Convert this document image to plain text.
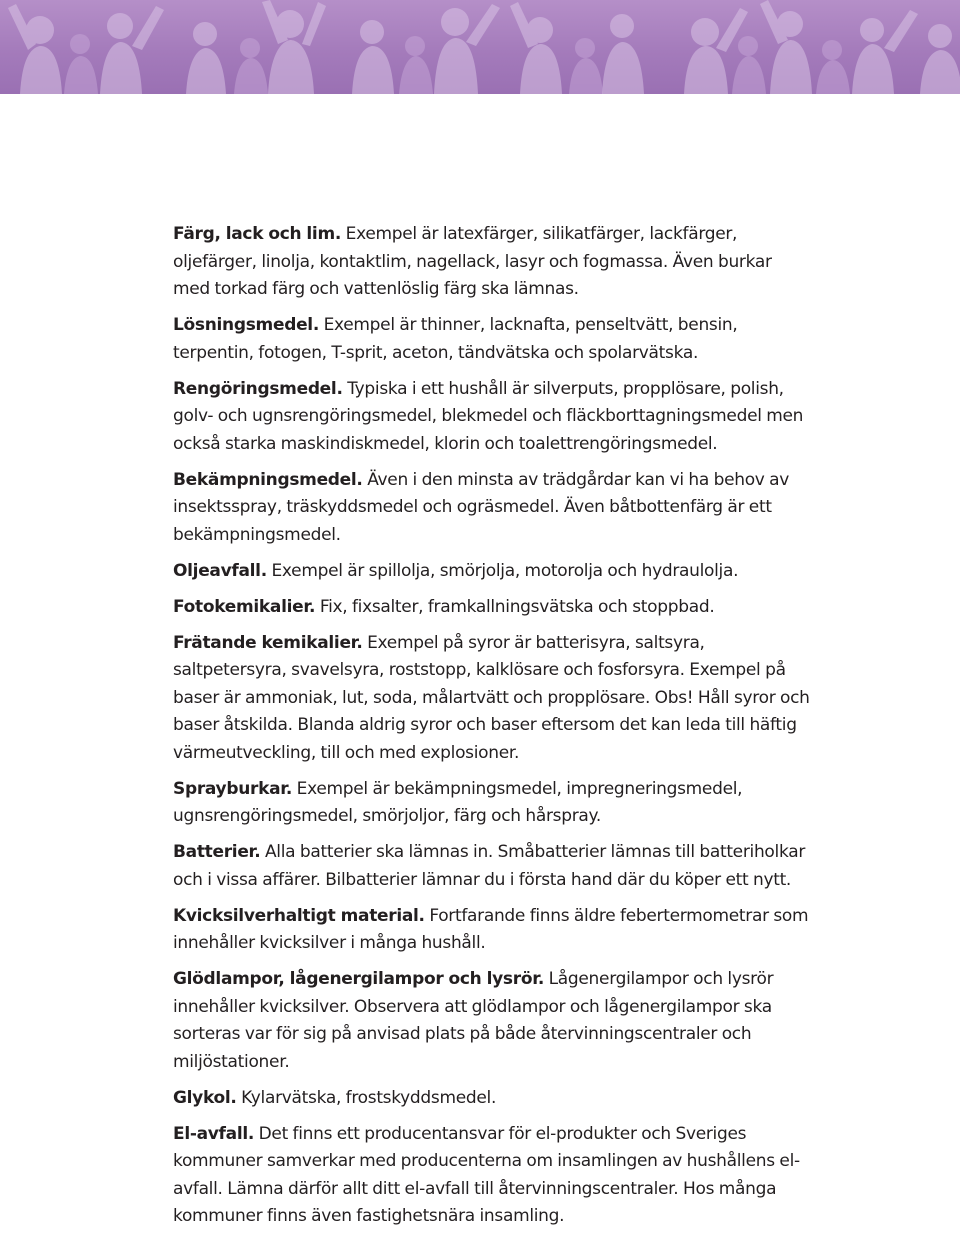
Färg, lack och lim. Exempel är latexfärger, silikatfärger, lackfärger, oljefärger, linolja, kontaktlim, nagellack, lasyr och fogmassa. Även burkar med torkad färg och vattenlöslig färg ska lämnas.

Lösningsmedel. Exempel är thinner, lacknafta, penseltvätt, bensin, terpentin, fotogen, T-sprit, aceton, tändvätska och spolarvätska.

Rengöringsmedel. Typiska i ett hushåll är silverputs, propplösare, polish, golv- och ugnsrengöringsmedel, blekmedel och fläckborttagningsmedel men också starka maskindiskmedel, klorin och toalettrengöringsmedel.

Bekämpningsmedel. Även i den minsta av trädgårdar kan vi ha behov av insektsspray, träskyddsmedel och ogräsmedel. Även båtbottenfärg är ett bekämpningsmedel.

Oljeavfall. Exempel är spillolja, smörjolja, motorolja och hydraulolja.

Fotokemikalier. Fix, fixsalter, framkallningsvätska och stoppbad.

Frätande kemikalier. Exempel på syror är batterisyra, saltsyra, saltpetersyra, svavelsyra, roststopp, kalklösare och fosforsyra. Exempel på baser är ammoniak, lut, soda, målartvätt och propplösare. Obs! Håll syror och baser åtskilda. Blanda aldrig syror och baser eftersom det kan leda till häftig värmeutveckling, till och med explosioner.

Sprayburkar. Exempel är bekämpningsmedel, impregneringsmedel, ugnsrengöringsmedel, smörjoljor, färg och hårspray.

Batterier. Alla batterier ska lämnas in. Småbatterier lämnas till batteriholkar och i vissa affärer. Bilbatterier lämnar du i första hand där du köper ett nytt.

Kvicksilverhaltigt material. Fortfarande finns äldre febertermometrar som innehåller kvicksilver i många hushåll.

Glödlampor, lågenergilampor och lysrör. Lågenergilampor och lysrör innehåller kvicksilver. Observera att glödlampor och lågenergilampor ska sorteras var för sig på anvisad plats på både återvinningscentraler och miljöstationer.

Glykol. Kylarvätska, frostskyddsmedel.

El-avfall. Det finns ett producentansvar för el-produkter och Sveriges kommuner samverkar med producenterna om insamlingen av hushållens el-avfall. Lämna därför allt ditt el-avfall till återvinningscentraler. Hos många kommuner finns även fastighetsnära insamling.
